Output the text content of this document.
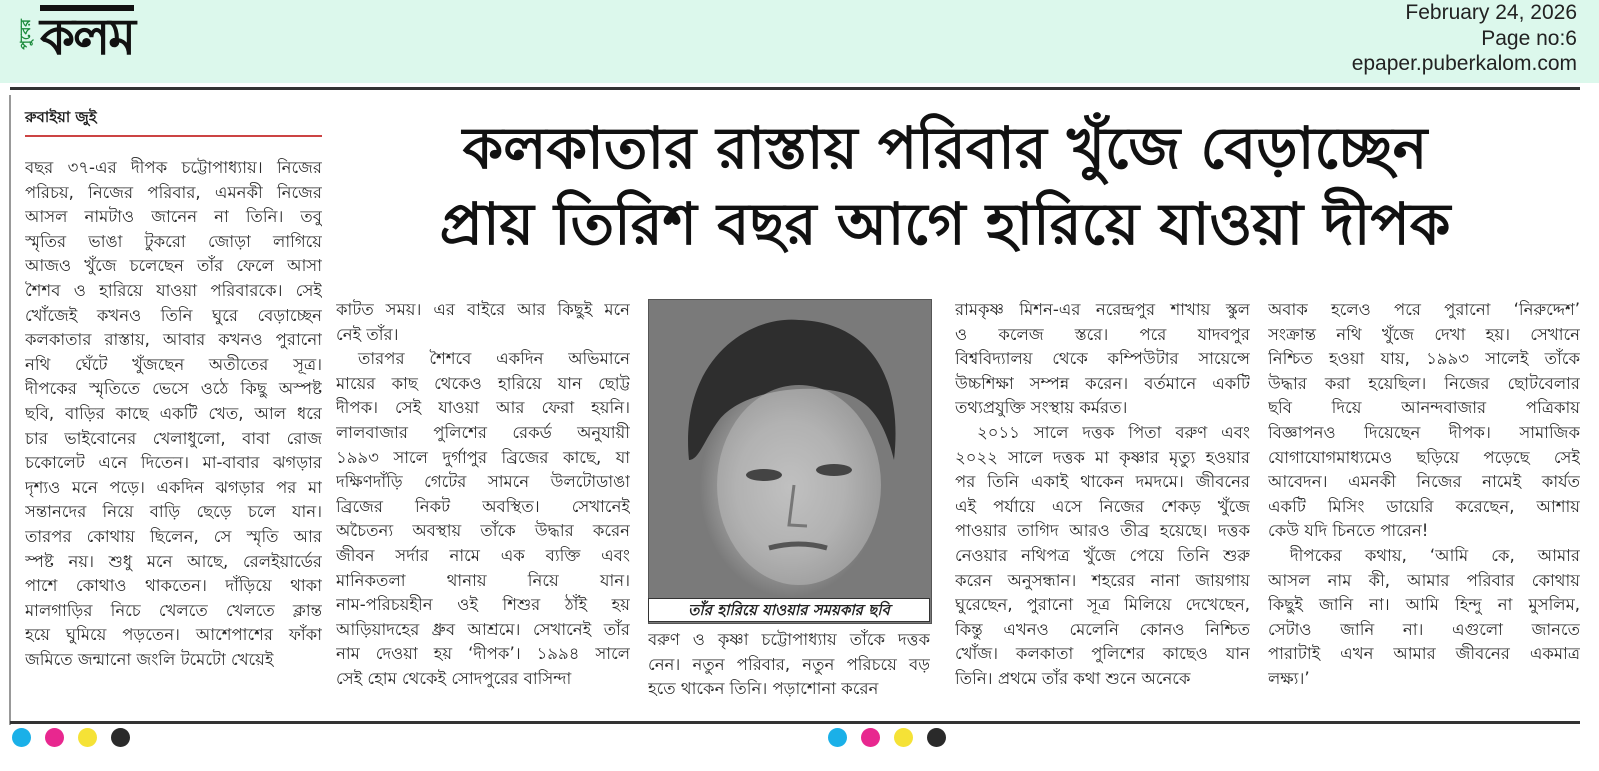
পুবের কলম	February 24, 2026
Page no:6
epaper.puberkalom.com
রুবাইয়া জুই	কলকাতার রাস্তায় পরিবার খুঁজে বেড়াচ্ছেন
প্রায় তিরিশ বছর আগে হারিয়ে যাওয়া দীপক
বছর ৩৭-এর দীপক চট্টোপাধ্যায়। নিজের
পরিচয়, নিজের পরিবার, এমনকী নিজের
আসল নামটাও জানেন না তিনি। তবু
স্মৃতির ভাঙা টুকরো জোড়া লাগিয়ে
আজও খুঁজে চলেছেন তাঁর ফেলে আসা
শৈশব ও হারিয়ে যাওয়া পরিবারকে। সেই
খোঁজেই কখনও তিনি ঘুরে বেড়াচ্ছেন
কলকাতার রাস্তায়, আবার কখনও পুরানো
নথি ঘেঁটে খুঁজছেন অতীতের সূত্র।
দীপকের স্মৃতিতে ভেসে ওঠে কিছু অস্পষ্ট
ছবি, বাড়ির কাছে একটি খেত, আল ধরে
চার ভাইবোনের খেলাধুলো, বাবা রোজ
চকোলেট এনে দিতেন। মা-বাবার ঝগড়ার
দৃশ্যও মনে পড়ে। একদিন ঝগড়ার পর মা
সন্তানদের নিয়ে বাড়ি ছেড়ে চলে যান।
তারপর কোথায় ছিলেন, সে স্মৃতি আর
স্পষ্ট নয়। শুধু মনে আছে, রেলইয়ার্ডের
পাশে কোথাও থাকতেন। দাঁড়িয়ে থাকা
মালগাড়ির নিচে খেলতে খেলতে ক্লান্ত
হয়ে ঘুমিয়ে পড়তেন। আশেপাশের ফাঁকা
জমিতে জন্মানো জংলি টমেটো খেয়েই
কাটত সময়। এর বাইরে আর কিছুই মনে
নেই তাঁর।
তারপর শৈশবে একদিন অভিমানে
মায়ের কাছ থেকেও হারিয়ে যান ছোট্ট
দীপক। সেই যাওয়া আর ফেরা হয়নি।
লালবাজার পুলিশের রেকর্ড অনুযায়ী
১৯৯৩ সালে দুর্গাপুর ব্রিজের কাছে, যা
দক্ষিণদাঁড়ি গেটের সামনে উলটোডাঙা
ব্রিজের নিকট অবস্থিত। সেখানেই
অচৈতন্য অবস্থায় তাঁকে উদ্ধার করেন
জীবন সর্দার নামে এক ব্যক্তি এবং
মানিকতলা থানায় নিয়ে যান।
নাম-পরিচয়হীন ওই শিশুর ঠাঁই হয়
আড়িয়াদহের ধ্রুব আশ্রমে। সেখানেই তাঁর
নাম দেওয়া হয় ‘দীপক’। ১৯৯৪ সালে
সেই হোম থেকেই সোদপুরের বাসিন্দা
তাঁর হারিয়ে যাওয়ার সময়কার ছবি
বরুণ ও কৃষ্ণা চট্টোপাধ্যায় তাঁকে দত্তক
নেন। নতুন পরিবার, নতুন পরিচয়ে বড়
হতে থাকেন তিনি। পড়াশোনা করেন
রামকৃষ্ণ মিশন-এর নরেন্দ্রপুর শাখায় স্কুল
ও কলেজ স্তরে। পরে যাদবপুর
বিশ্ববিদ্যালয় থেকে কম্পিউটার সায়েন্সে
উচ্চশিক্ষা সম্পন্ন করেন। বর্তমানে একটি
তথ্যপ্রযুক্তি সংস্থায় কর্মরত।
২০১১ সালে দত্তক পিতা বরুণ এবং
২০২২ সালে দত্তক মা কৃষ্ণার মৃত্যু হওয়ার
পর তিনি একাই থাকেন দমদমে। জীবনের
এই পর্যায়ে এসে নিজের শেকড় খুঁজে
পাওয়ার তাগিদ আরও তীব্র হয়েছে। দত্তক
নেওয়ার নথিপত্র খুঁজে পেয়ে তিনি শুরু
করেন অনুসন্ধান। শহরের নানা জায়গায়
ঘুরেছেন, পুরানো সূত্র মিলিয়ে দেখেছেন,
কিন্তু এখনও মেলেনি কোনও নিশ্চিত
খোঁজ। কলকাতা পুলিশের কাছেও যান
তিনি। প্রথমে তাঁর কথা শুনে অনেকে
অবাক হলেও পরে পুরানো ‘নিরুদ্দেশ’
সংক্রান্ত নথি খুঁজে দেখা হয়। সেখানে
নিশ্চিত হওয়া যায়, ১৯৯৩ সালেই তাঁকে
উদ্ধার করা হয়েছিল। নিজের ছোটবেলার
ছবি দিয়ে আনন্দবাজার পত্রিকায়
বিজ্ঞাপনও দিয়েছেন দীপক। সামাজিক
যোগাযোগমাধ্যমেও ছড়িয়ে পড়েছে সেই
আবেদন। এমনকী নিজের নামেই কার্যত
একটি মিসিং ডায়েরি করেছেন, আশায়
কেউ যদি চিনতে পারেন!
দীপকের কথায়, ‘আমি কে, আমার
আসল নাম কী, আমার পরিবার কোথায়
কিছুই জানি না। আমি হিন্দু না মুসলিম,
সেটাও জানি না। এগুলো জানতে
পারাটাই এখন আমার জীবনের একমাত্র
লক্ষ্য।’
